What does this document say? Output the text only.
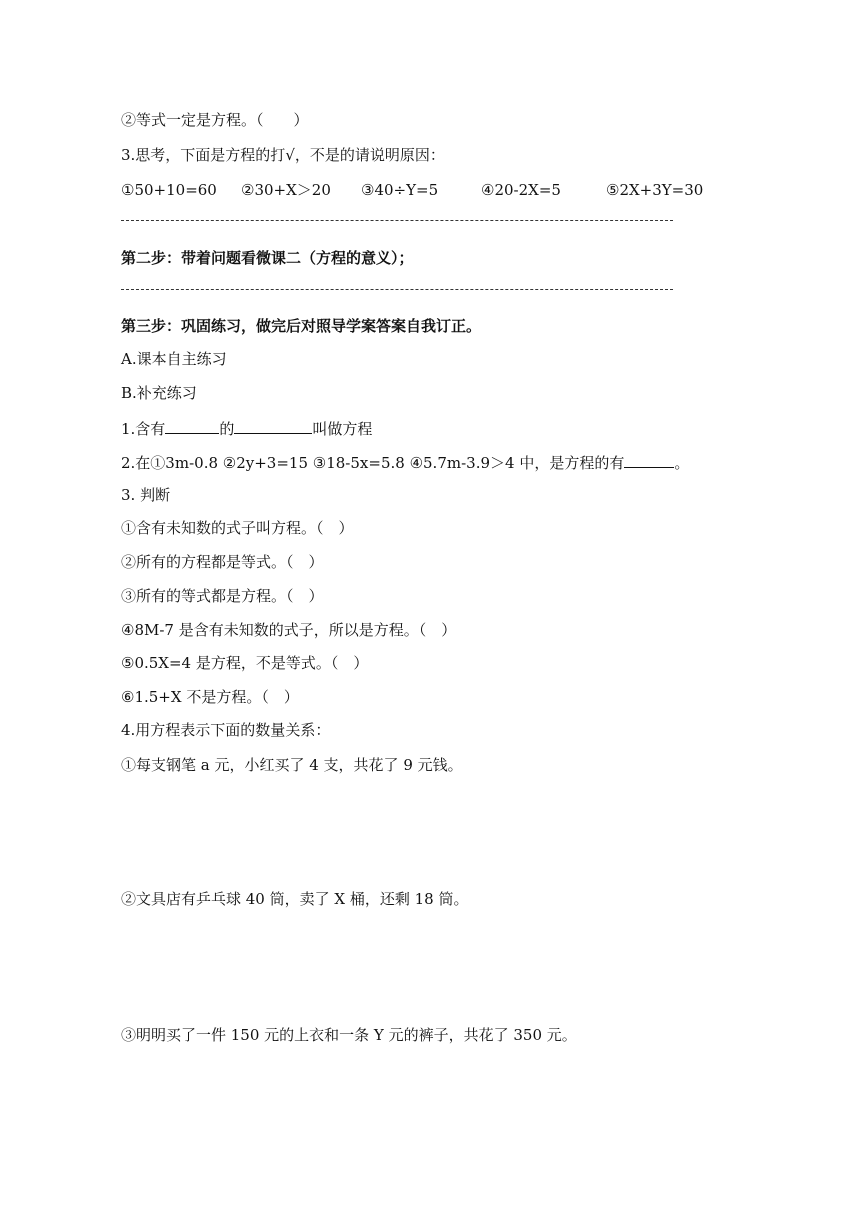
②等式一定是方程。（　　）
3.思考，下面是方程的打√，不是的请说明原因：
①50+10=60 ②30+X＞20 ③40÷Y=5	④20-2X=5	⑤2X+3Y=30
第二步：带着问题看微课二（方程的意义）；
第三步：巩固练习，做完后对照导学案答案自我订正。
A.课本自主练习
B.补充练习
1.含有	的	叫做方程
2.在①3m-0.8 ②2y+3=15 ③18-5x=5.8 ④5.7m-3.9＞4 中，是方程的有	。
3. 判断
①含有未知数的式子叫方程。（　）
②所有的方程都是等式。（　）
③所有的等式都是方程。（　）
④8M-7 是含有未知数的式子，所以是方程。（　）
⑤0.5X=4 是方程，不是等式。（　）
⑥1.5+X 不是方程。（　）
4.用方程表示下面的数量关系：
①每支钢笔 a 元，小红买了 4 支，共花了 9 元钱。
②文具店有乒乓球 40 筒，卖了 X 桶，还剩 18 筒。
③明明买了一件 150 元的上衣和一条 Y 元的裤子，共花了 350 元。
